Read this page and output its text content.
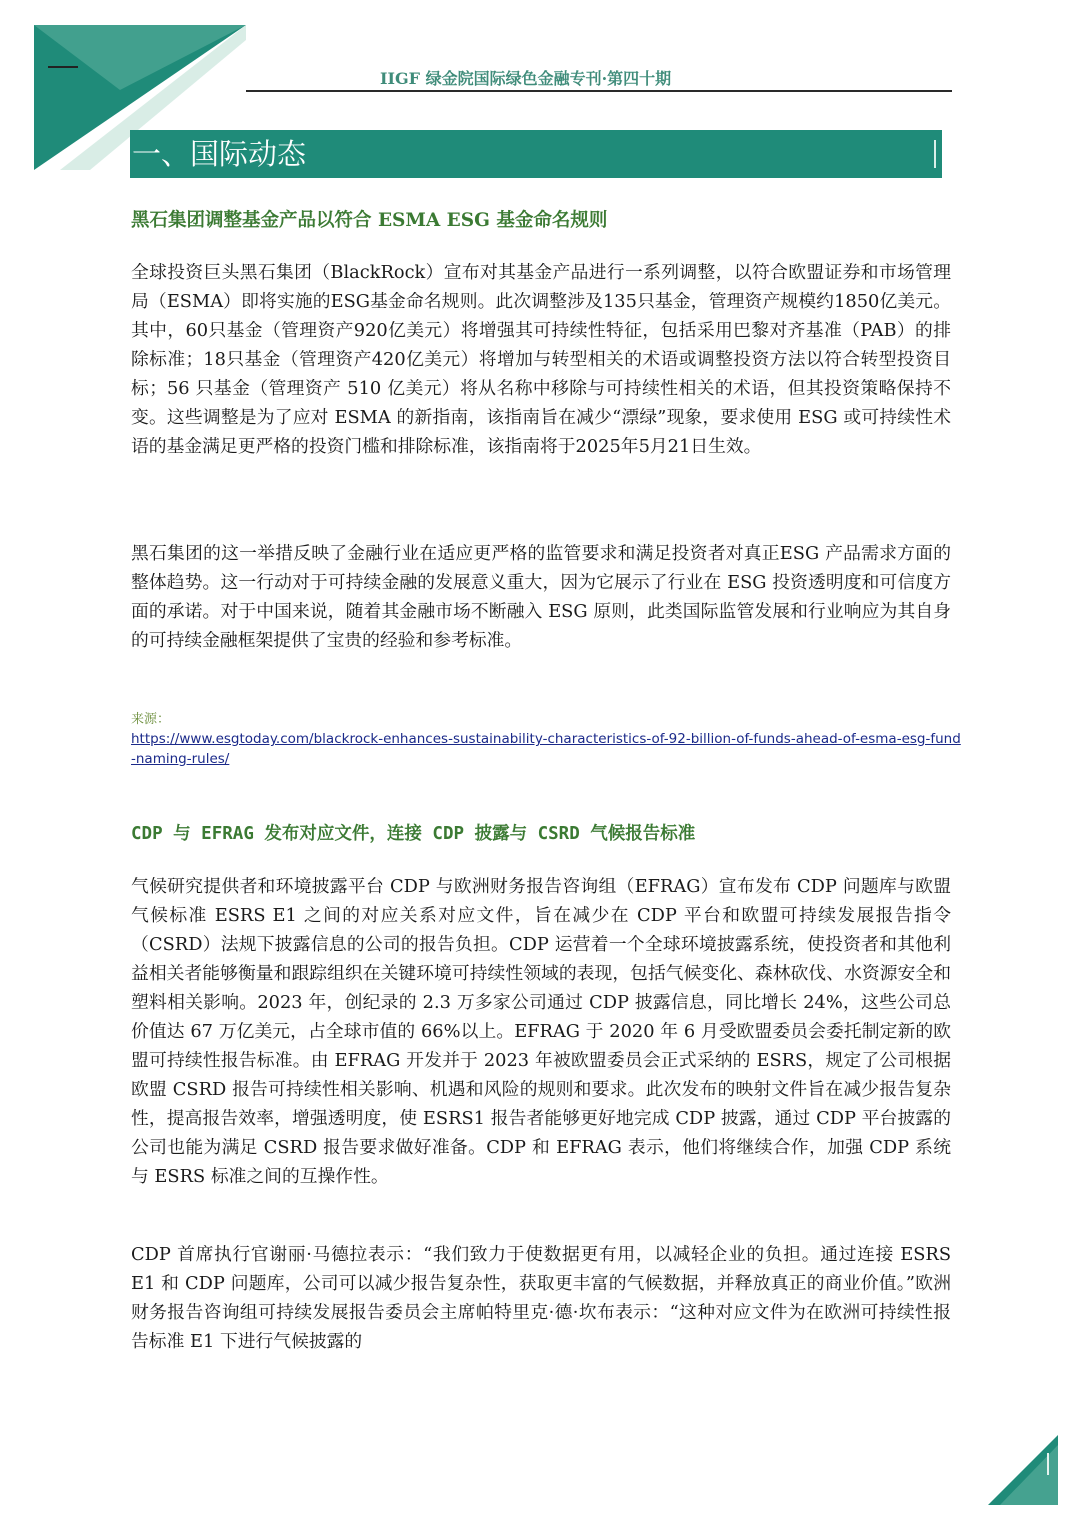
IIGF 绿金院国际绿色金融专刊·第四十期
一、国际动态
黑石集团调整基金产品以符合 ESMA ESG 基金命名规则
全球投资巨头黑石集团（BlackRock）宣布对其基金产品进行一系列调整，以符合欧盟证券和市场管理局（ESMA）即将实施的ESG基金命名规则。此次调整涉及135只基金，管理资产规模约1850亿美元。其中，60只基金（管理资产920亿美元）将增强其可持续性特征，包括采用巴黎对齐基准（PAB）的排除标准；18只基金（管理资产420亿美元）将增加与转型相关的术语或调整投资方法以符合转型投资目标；56 只基金（管理资产 510 亿美元）将从名称中移除与可持续性相关的术语，但其投资策略保持不变。这些调整是为了应对 ESMA 的新指南，该指南旨在减少“漂绿”现象，要求使用 ESG 或可持续性术语的基金满足更严格的投资门槛和排除标准，该指南将于2025年5月21日生效。
黑石集团的这一举措反映了金融行业在适应更严格的监管要求和满足投资者对真正ESG 产品需求方面的整体趋势。这一行动对于可持续金融的发展意义重大，因为它展示了行业在 ESG 投资透明度和可信度方面的承诺。对于中国来说，随着其金融市场不断融入 ESG 原则，此类国际监管发展和行业响应为其自身的可持续金融框架提供了宝贵的经验和参考标准。
来源：
https://www.esgtoday.com/blackrock-enhances-sustainability-characteristics-of-92-billion-of-funds-ahead-of-esma-esg-fund-naming-rules/
CDP 与 EFRAG 发布对应文件，连接 CDP 披露与 CSRD 气候报告标准
气候研究提供者和环境披露平台 CDP 与欧洲财务报告咨询组（EFRAG）宣布发布 CDP 问题库与欧盟气候标准 ESRS E1 之间的对应关系对应文件，旨在减少在 CDP 平台和欧盟可持续发展报告指令（CSRD）法规下披露信息的公司的报告负担。CDP 运营着一个全球环境披露系统，使投资者和其他利益相关者能够衡量和跟踪组织在关键环境可持续性领域的表现，包括气候变化、森林砍伐、水资源安全和塑料相关影响。2023 年，创纪录的 2.3 万多家公司通过 CDP 披露信息，同比增长 24%，这些公司总价值达 67 万亿美元，占全球市值的 66%以上。EFRAG 于 2020 年 6 月受欧盟委员会委托制定新的欧盟可持续性报告标准。由 EFRAG 开发并于 2023 年被欧盟委员会正式采纳的 ESRS，规定了公司根据欧盟 CSRD 报告可持续性相关影响、机遇和风险的规则和要求。此次发布的映射文件旨在减少报告复杂性，提高报告效率，增强透明度，使 ESRS1 报告者能够更好地完成 CDP 披露，通过 CDP 平台披露的公司也能为满足 CSRD 报告要求做好准备。CDP 和 EFRAG 表示，他们将继续合作，加强 CDP 系统与 ESRS 标准之间的互操作性。
CDP 首席执行官谢丽·马德拉表示：“我们致力于使数据更有用，以减轻企业的负担。通过连接 ESRS E1 和 CDP 问题库，公司可以减少报告复杂性，获取更丰富的气候数据，并释放真正的商业价值。”欧洲财务报告咨询组可持续发展报告委员会主席帕特里克·德·坎布表示：“这种对应文件为在欧洲可持续性报告标准 E1 下进行气候披露的
